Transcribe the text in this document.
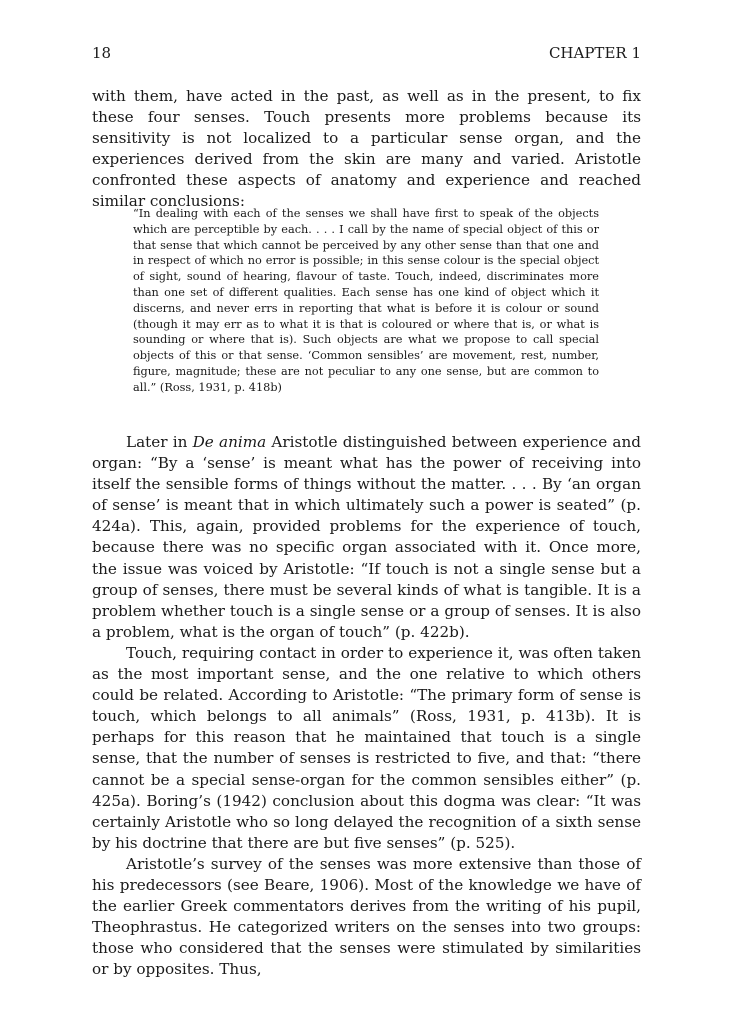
18	CHAPTER 1

with them, have acted in the past, as well as in the present, to fix these four senses. Touch presents more problems because its sensitivity is not localized to a particular sense organ, and the experiences derived from the skin are many and varied. Aristotle confronted these aspects of anatomy and experience and reached similar conclusions:

“In dealing with each of the senses we shall have first to speak of the objects which are perceptible by each. . . . I call by the name of special object of this or that sense that which cannot be perceived by any other sense than that one and in respect of which no error is possible; in this sense colour is the special object of sight, sound of hearing, flavour of taste. Touch, indeed, discriminates more than one set of different qualities. Each sense has one kind of object which it discerns, and never errs in reporting that what is before it is colour or sound (though it may err as to what it is that is coloured or where that is, or what is sounding or where that is). Such objects are what we propose to call special objects of this or that sense. ‘Common sensibles’ are movement, rest, number, figure, magnitude; these are not peculiar to any one sense, but are common to all.” (Ross, 1931, p. 418b)

Later in De anima Aristotle distinguished between experience and organ: “By a ‘sense’ is meant what has the power of receiving into itself the sensible forms of things without the matter. . . . By ‘an organ of sense’ is meant that in which ultimately such a power is seated” (p. 424a). This, again, provided problems for the experience of touch, because there was no specific organ associated with it. Once more, the issue was voiced by Aristotle: “If touch is not a single sense but a group of senses, there must be several kinds of what is tangible. It is a problem whether touch is a single sense or a group of senses. It is also a problem, what is the organ of touch” (p. 422b).

Touch, requiring contact in order to experience it, was often taken as the most important sense, and the one relative to which others could be related. According to Aristotle: “The primary form of sense is touch, which belongs to all animals” (Ross, 1931, p. 413b). It is perhaps for this reason that he maintained that touch is a single sense, that the number of senses is restricted to five, and that: “there cannot be a special sense-organ for the common sensibles either” (p. 425a). Boring’s (1942) conclusion about this dogma was clear: “It was certainly Aristotle who so long delayed the recognition of a sixth sense by his doctrine that there are but five senses” (p. 525).

Aristotle’s survey of the senses was more extensive than those of his predecessors (see Beare, 1906). Most of the knowledge we have of the earlier Greek commentators derives from the writing of his pupil, Theophrastus. He categorized writers on the senses into two groups: those who considered that the senses were stimulated by similarities or by opposites. Thus,
